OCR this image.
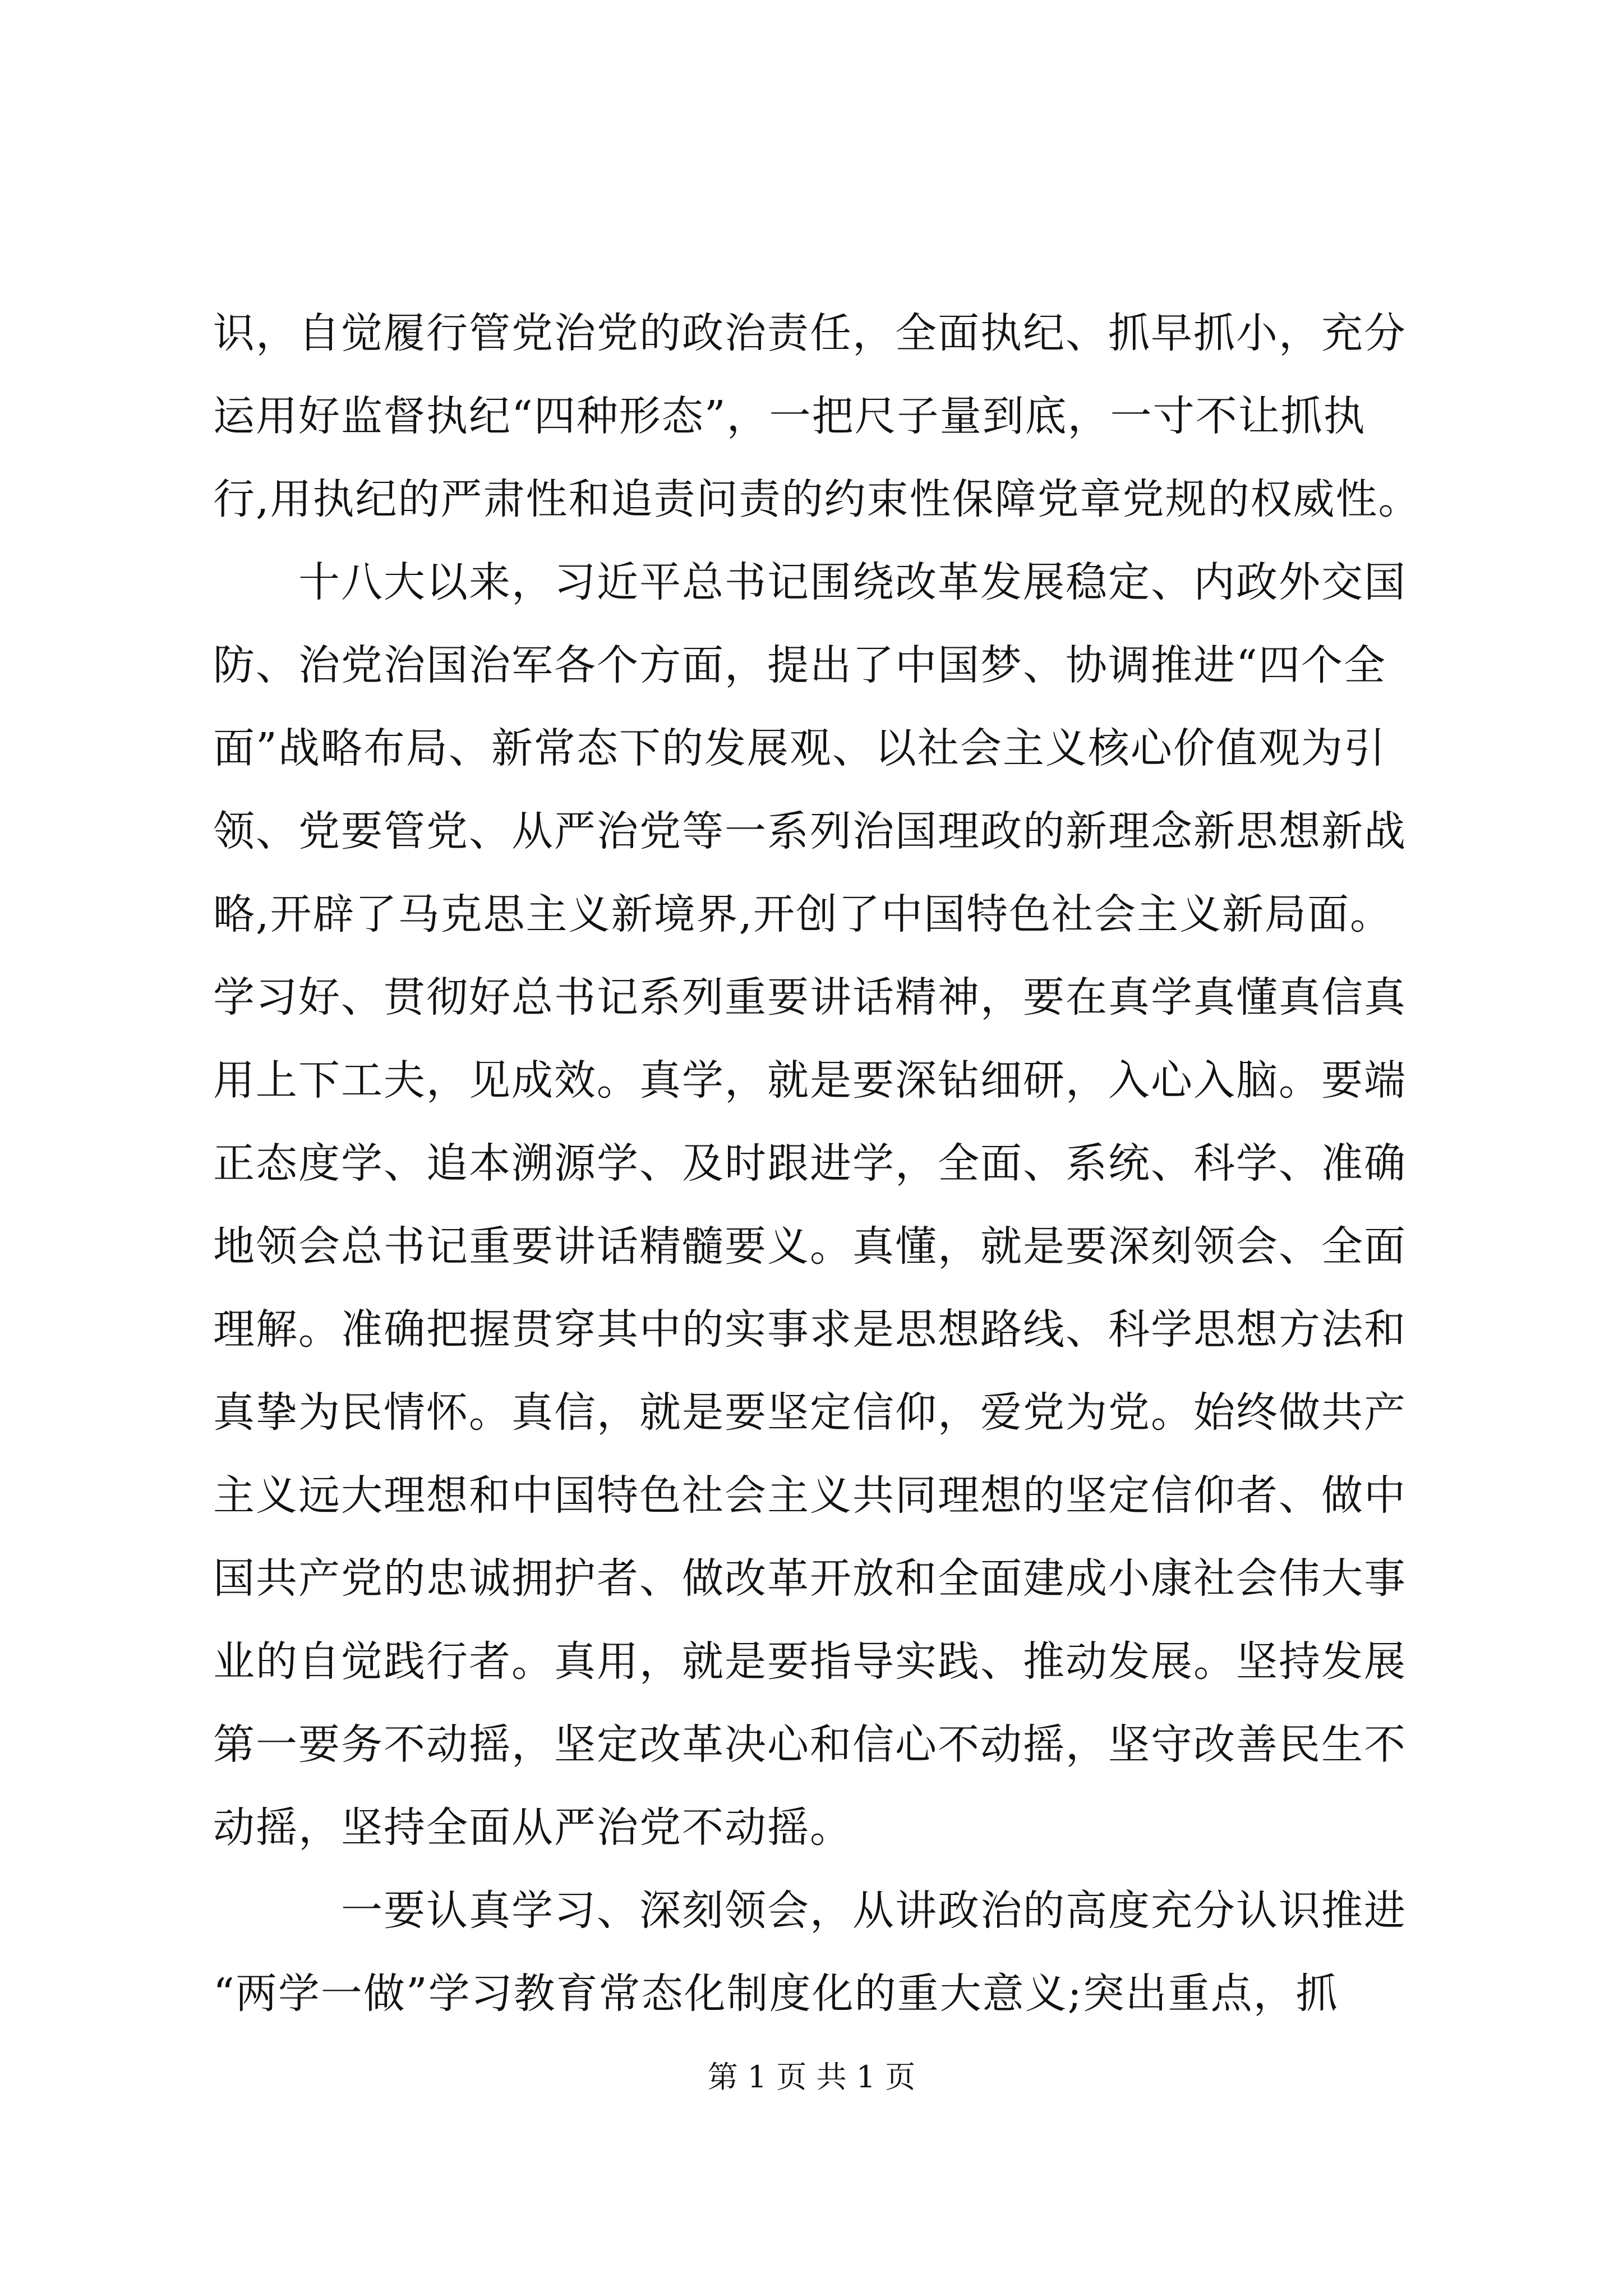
识，自觉履行管党治党的政治责任，全面执纪、抓早抓小，充分
运用好监督执纪“四种形态”，一把尺子量到底，一寸不让抓执
行,用执纪的严肃性和追责问责的约束性保障党章党规的权威性。
　　十八大以来，习近平总书记围绕改革发展稳定、内政外交国
防、治党治国治军各个方面，提出了中国梦、协调推进“四个全
面”战略布局、新常态下的发展观、以社会主义核心价值观为引
领、党要管党、从严治党等一系列治国理政的新理念新思想新战
略,开辟了马克思主义新境界,开创了中国特色社会主义新局面。
学习好、贯彻好总书记系列重要讲话精神，要在真学真懂真信真
用上下工夫，见成效。真学，就是要深钻细研，入心入脑。要端
正态度学、追本溯源学、及时跟进学，全面、系统、科学、准确
地领会总书记重要讲话精髓要义。真懂，就是要深刻领会、全面
理解。准确把握贯穿其中的实事求是思想路线、科学思想方法和
真挚为民情怀。真信，就是要坚定信仰，爱党为党。始终做共产
主义远大理想和中国特色社会主义共同理想的坚定信仰者、做中
国共产党的忠诚拥护者、做改革开放和全面建成小康社会伟大事
业的自觉践行者。真用，就是要指导实践、推动发展。坚持发展
第一要务不动摇，坚定改革决心和信心不动摇，坚守改善民生不
动摇，坚持全面从严治党不动摇。
　　　一要认真学习、深刻领会，从讲政治的高度充分认识推进
“两学一做”学习教育常态化制度化的重大意义;突出重点，抓
第 1 页 共 1 页
